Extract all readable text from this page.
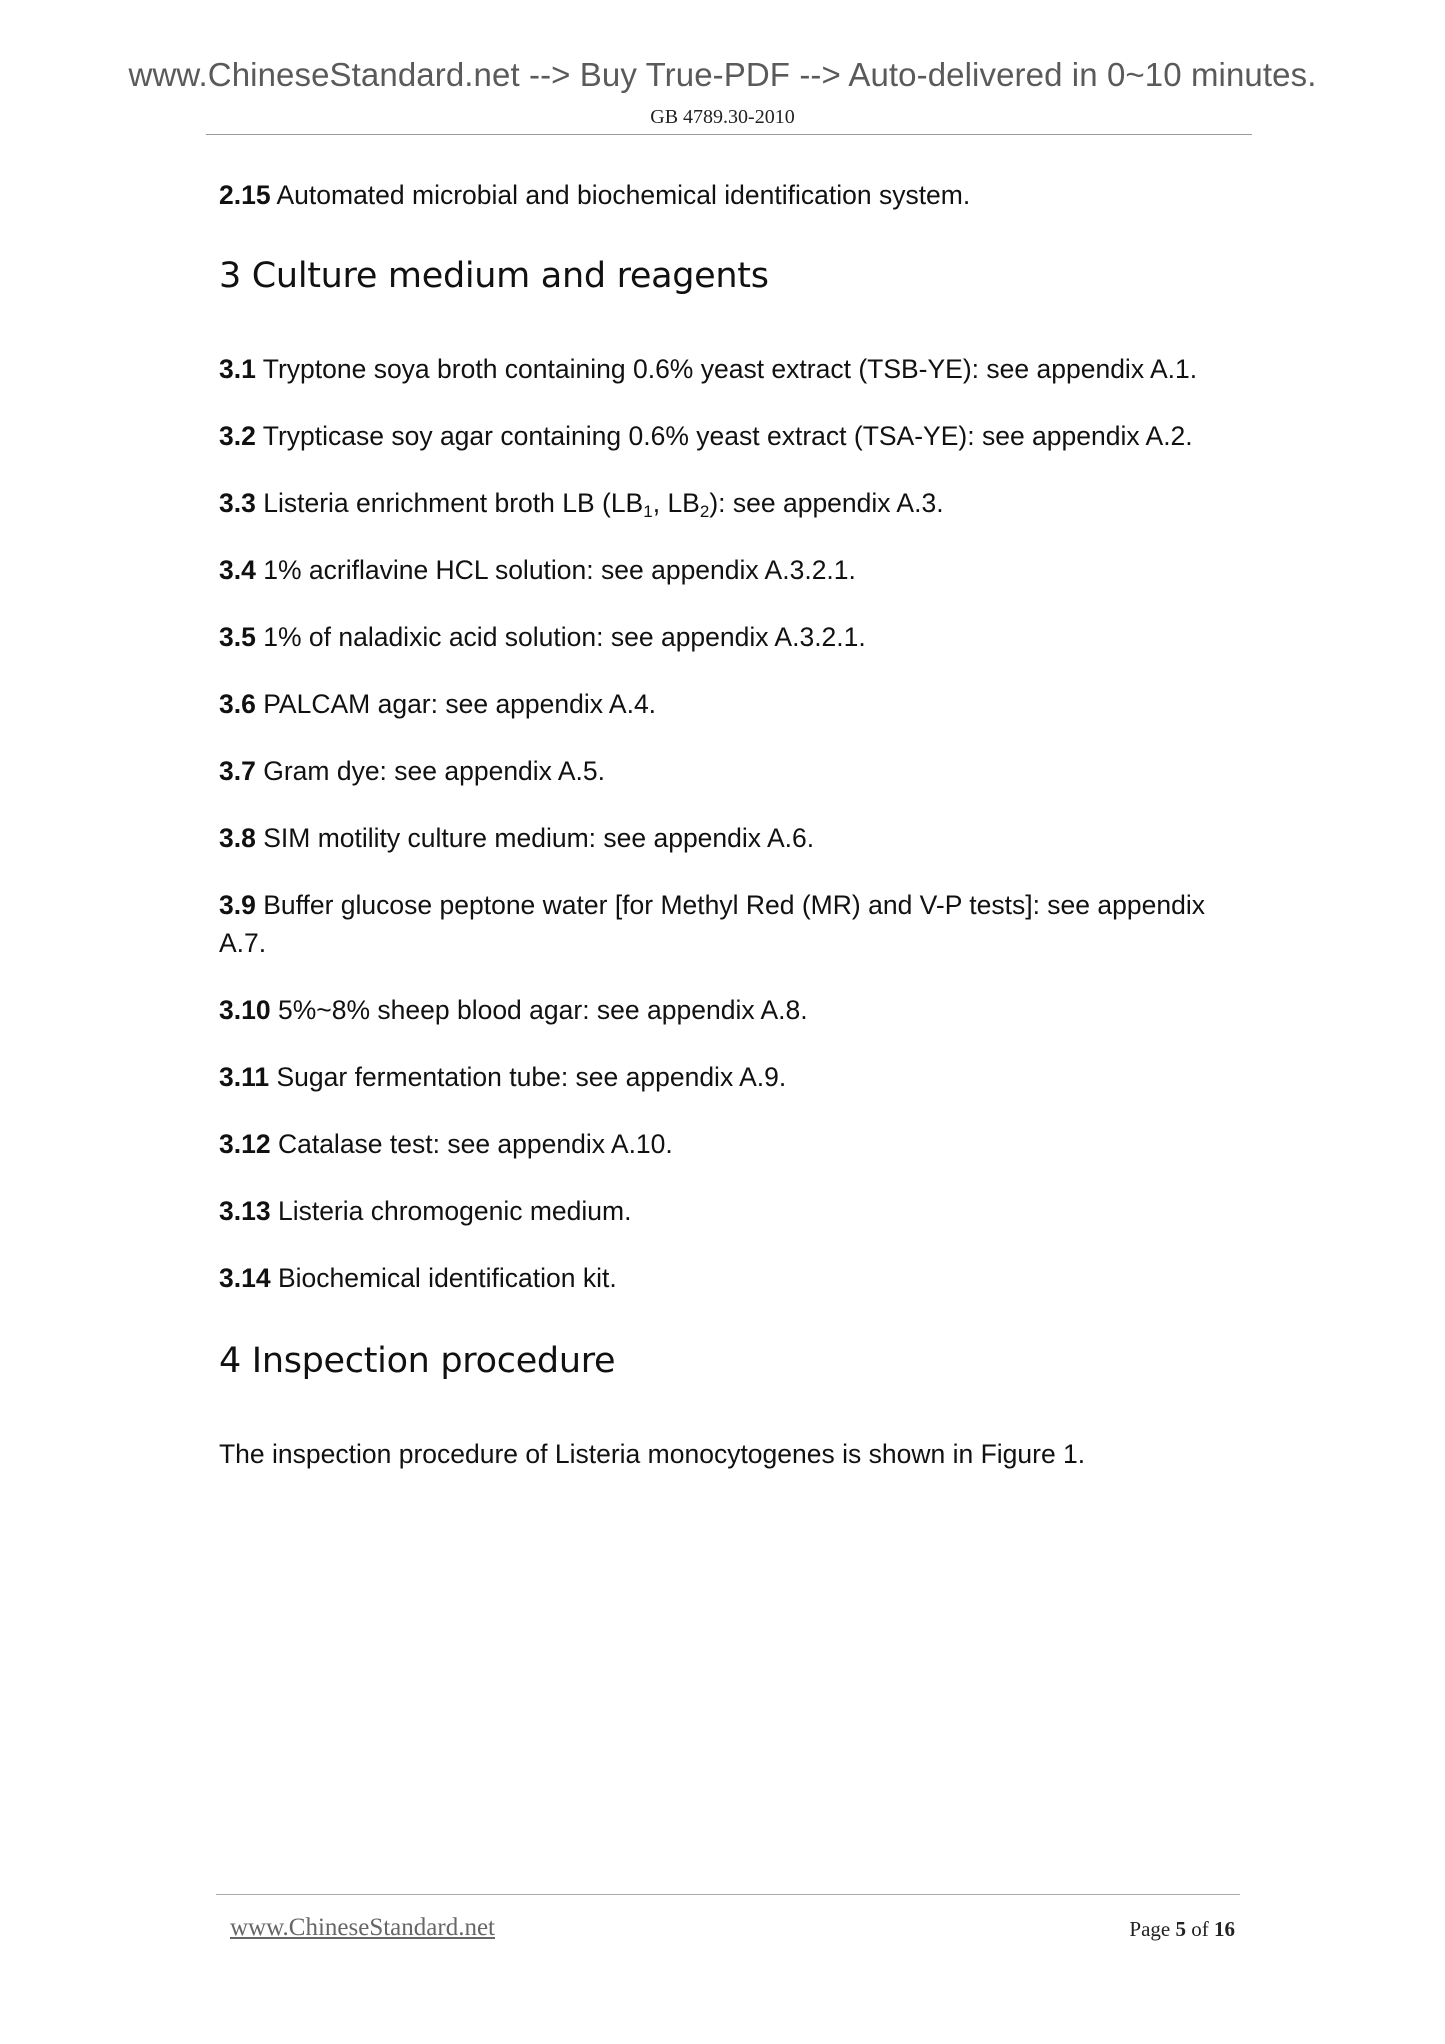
www.ChineseStandard.net --> Buy True-PDF --> Auto-delivered in 0~10 minutes.
GB 4789.30-2010
2.15 Automated microbial and biochemical identification system.
3 Culture medium and reagents
3.1 Tryptone soya broth containing 0.6% yeast extract (TSB-YE): see appendix A.1.
3.2 Trypticase soy agar containing 0.6% yeast extract (TSA-YE): see appendix A.2.
3.3 Listeria enrichment broth LB ($LB_1$, $LB_2$): see appendix A.3.
3.4 1% acriflavine HCL solution: see appendix A.3.2.1.
3.5 1% of naladixic acid solution: see appendix A.3.2.1.
3.6 PALCAM agar: see appendix A.4.
3.7 Gram dye: see appendix A.5.
3.8 SIM motility culture medium: see appendix A.6.
3.9 Buffer glucose peptone water [for Methyl Red (MR) and V-P tests]: see appendix A.7.
3.10 5%~8% sheep blood agar: see appendix A.8.
3.11 Sugar fermentation tube: see appendix A.9.
3.12 Catalase test: see appendix A.10.
3.13 Listeria chromogenic medium.
3.14 Biochemical identification kit.
4 Inspection procedure
The inspection procedure of Listeria monocytogenes is shown in Figure 1.
www.ChineseStandard.net	Page 5 of 16
